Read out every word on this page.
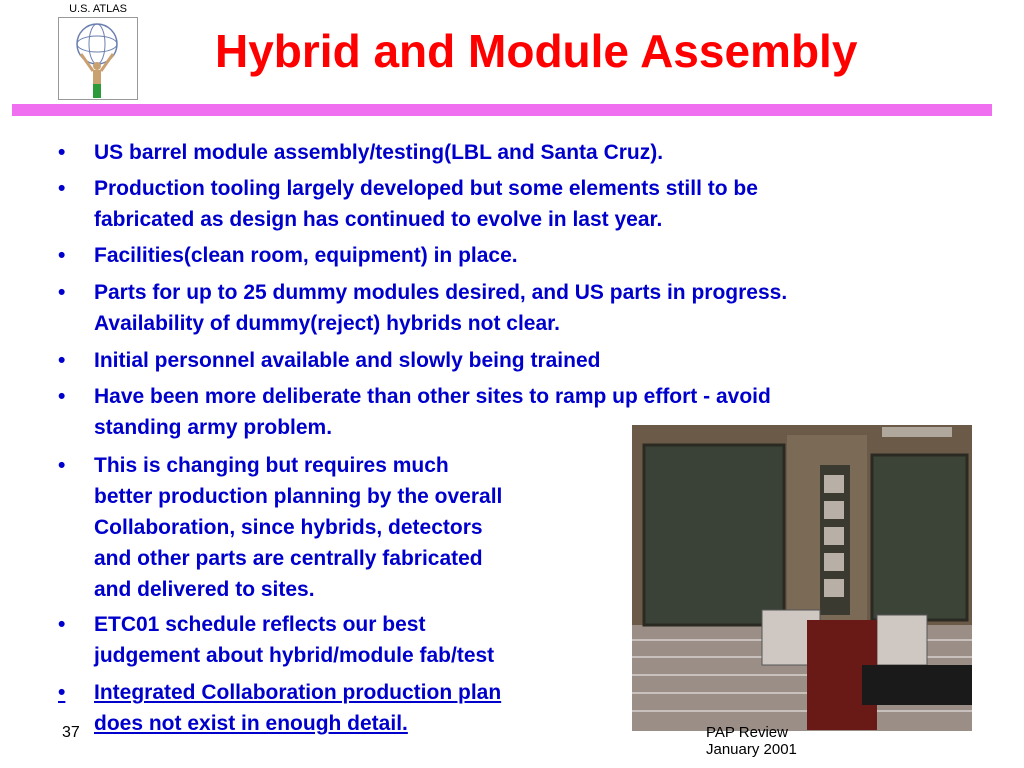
U.S. ATLAS
Hybrid and Module Assembly
•	US barrel module assembly/testing(LBL and Santa Cruz).
•	Production tooling largely developed but some elements still to be
fabricated as design has continued to evolve in last year.
•	Facilities(clean room, equipment) in place.
•	Parts for up to 25 dummy modules desired, and US parts in progress.
Availability of dummy(reject) hybrids not clear.
•	Initial personnel available and slowly being trained
•	Have been more deliberate than other sites to ramp up effort - avoid
standing army problem.
•	This is changing but requires much
better production planning by the overall
Collaboration, since hybrids, detectors
and other parts are centrally fabricated
and delivered to sites.
•	ETC01 schedule reflects our best
judgement about hybrid/module fab/test
•	Integrated Collaboration production plan
does not exist in enough detail.
37	PAP Review
January 2001
